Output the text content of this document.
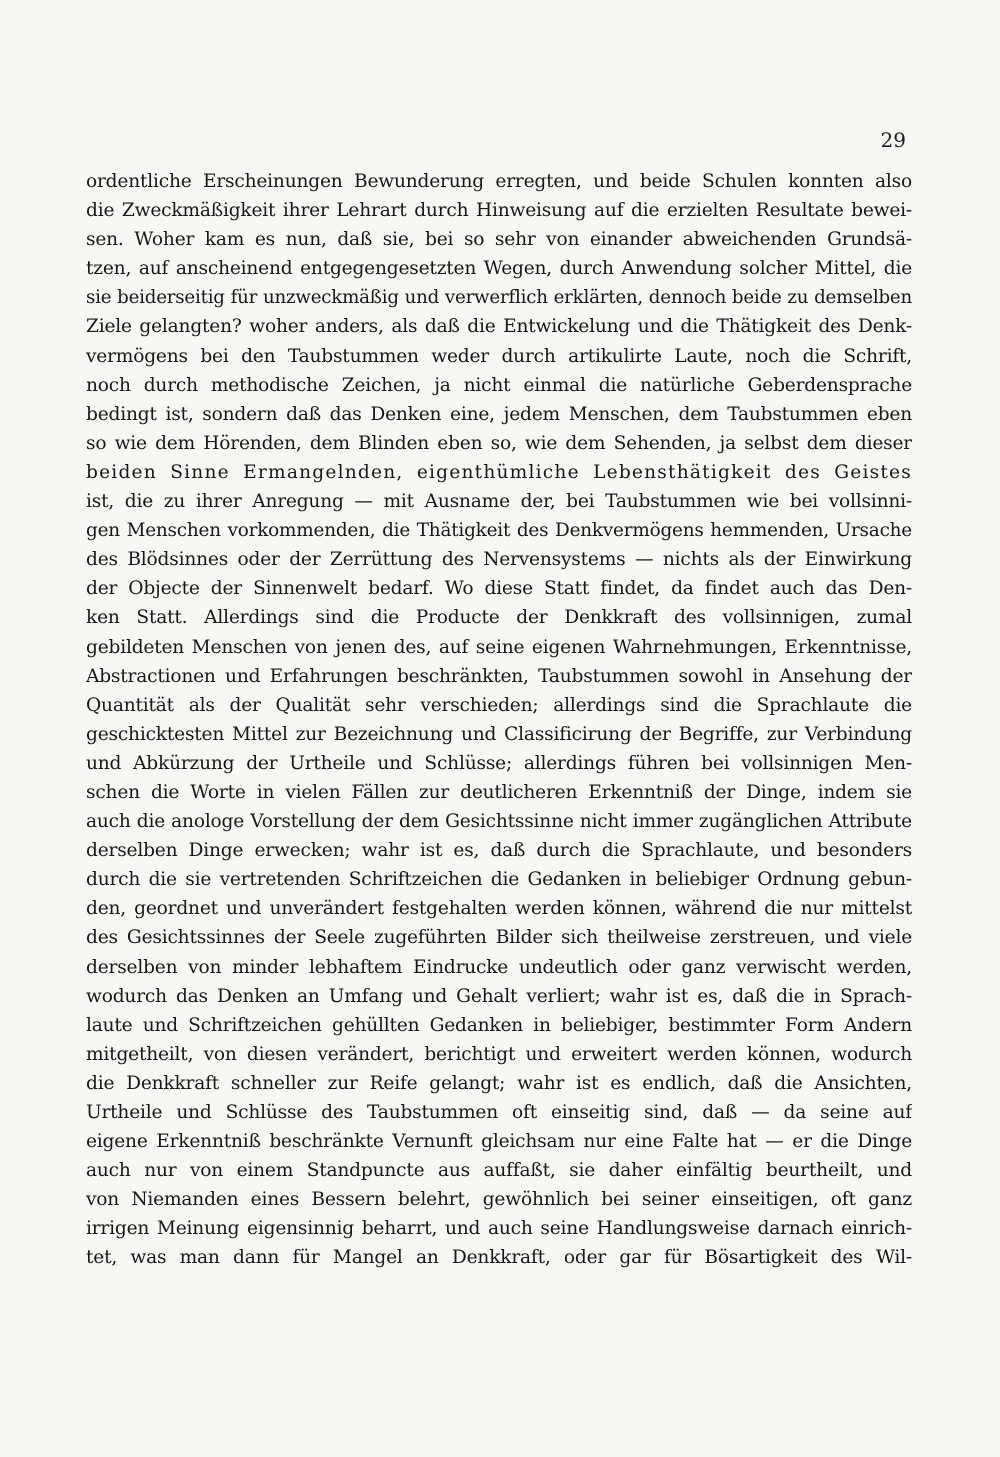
29
ordentliche Erscheinungen Bewunderung erregten, und beide Schulen konnten also
die Zweckmäßigkeit ihrer Lehrart durch Hinweisung auf die erzielten Resultate bewei-
sen. Woher kam es nun, daß sie, bei so sehr von einander abweichenden Grundsä-
tzen, auf anscheinend entgegengesetzten Wegen, durch Anwendung solcher Mittel, die
sie beiderseitig für unzweckmäßig und verwerflich erklärten, dennoch beide zu demselben
Ziele gelangten? woher anders, als daß die Entwickelung und die Thätigkeit des Denk-
vermögens bei den Taubstummen weder durch artikulirte Laute, noch die Schrift,
noch durch methodische Zeichen, ja nicht einmal die natürliche Geberdensprache
bedingt ist, sondern daß das Denken eine, jedem Menschen, dem Taubstummen eben
so wie dem Hörenden, dem Blinden eben so, wie dem Sehenden, ja selbst dem dieser
beiden Sinne Ermangelnden, eigenthümliche Lebensthätigkeit des Geistes
ist, die zu ihrer Anregung — mit Ausname der, bei Taubstummen wie bei vollsinni-
gen Menschen vorkommenden, die Thätigkeit des Denkvermögens hemmenden, Ursache
des Blödsinnes oder der Zerrüttung des Nervensystems — nichts als der Einwirkung
der Objecte der Sinnenwelt bedarf. Wo diese Statt findet, da findet auch das Den-
ken Statt. Allerdings sind die Producte der Denkkraft des vollsinnigen, zumal
gebildeten Menschen von jenen des, auf seine eigenen Wahrnehmungen, Erkenntnisse,
Abstractionen und Erfahrungen beschränkten, Taubstummen sowohl in Ansehung der
Quantität als der Qualität sehr verschieden; allerdings sind die Sprachlaute die
geschicktesten Mittel zur Bezeichnung und Classificirung der Begriffe, zur Verbindung
und Abkürzung der Urtheile und Schlüsse; allerdings führen bei vollsinnigen Men-
schen die Worte in vielen Fällen zur deutlicheren Erkenntniß der Dinge, indem sie
auch die anologe Vorstellung der dem Gesichtssinne nicht immer zugänglichen Attribute
derselben Dinge erwecken; wahr ist es, daß durch die Sprachlaute, und besonders
durch die sie vertretenden Schriftzeichen die Gedanken in beliebiger Ordnung gebun-
den, geordnet und unverändert festgehalten werden können, während die nur mittelst
des Gesichtssinnes der Seele zugeführten Bilder sich theilweise zerstreuen, und viele
derselben von minder lebhaftem Eindrucke undeutlich oder ganz verwischt werden,
wodurch das Denken an Umfang und Gehalt verliert; wahr ist es, daß die in Sprach-
laute und Schriftzeichen gehüllten Gedanken in beliebiger, bestimmter Form Andern
mitgetheilt, von diesen verändert, berichtigt und erweitert werden können, wodurch
die Denkkraft schneller zur Reife gelangt; wahr ist es endlich, daß die Ansichten,
Urtheile und Schlüsse des Taubstummen oft einseitig sind, daß — da seine auf
eigene Erkenntniß beschränkte Vernunft gleichsam nur eine Falte hat — er die Dinge
auch nur von einem Standpuncte aus auffaßt, sie daher einfältig beurtheilt, und
von Niemanden eines Bessern belehrt, gewöhnlich bei seiner einseitigen, oft ganz
irrigen Meinung eigensinnig beharrt, und auch seine Handlungsweise darnach einrich-
tet, was man dann für Mangel an Denkkraft, oder gar für Bösartigkeit des Wil-
